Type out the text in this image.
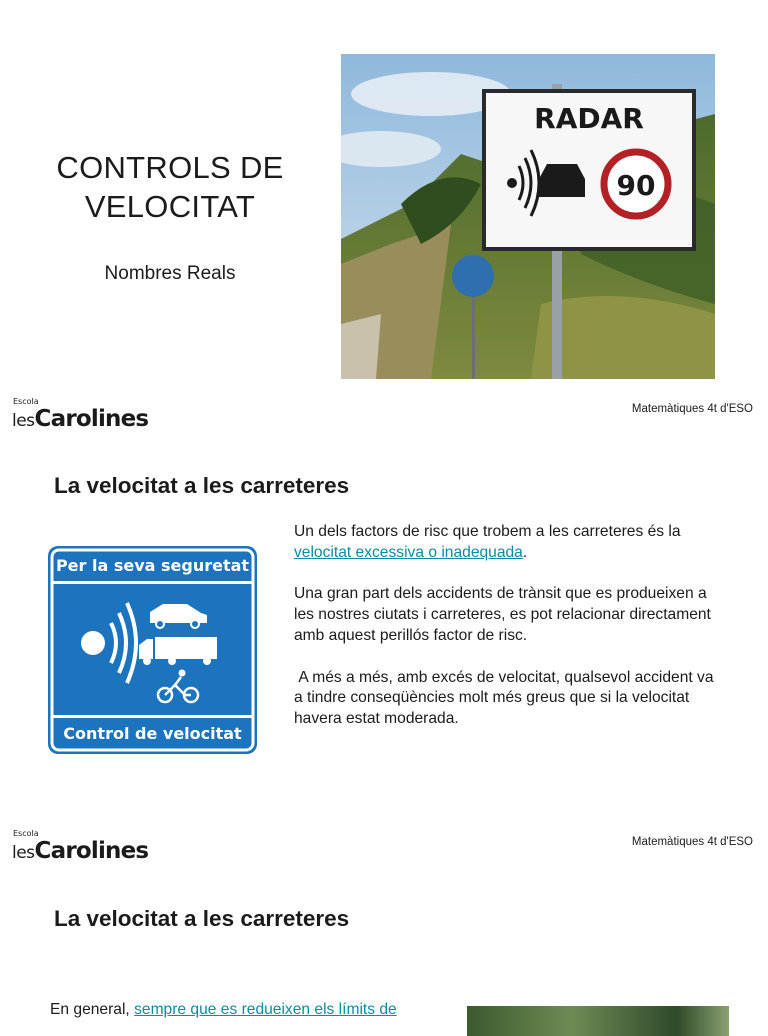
CONTROLS DE
VELOCITAT
Nombres Reals
RADAR
90
Escola
lesCarolines	Matemàtiques 4t d'ESO
La velocitat a les carreteres
Per la seva seguretat
Control de velocitat

Un dels factors de risc que trobem a les carreteres és la velocitat excessiva o inadequada.

Una gran part dels accidents de trànsit que es produeixen a les nostres ciutats i carreteres, es pot relacionar directament amb aquest perillós factor de risc.

A més a més, amb excés de velocitat, qualsevol accident va a tindre conseqüències molt més greus que si la velocitat havera estat moderada.

Escola
lesCarolines	Matemàtiques 4t d'ESO
La velocitat a les carreteres
En general, sempre que es redueixen els límits de
